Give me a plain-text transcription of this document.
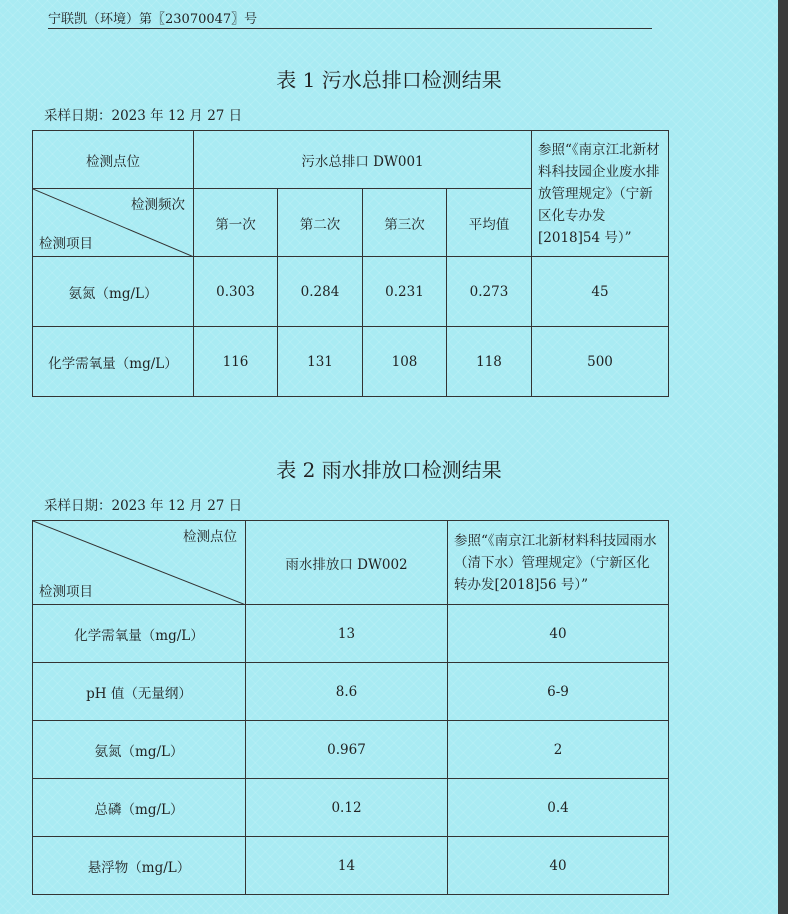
宁联凯（环境）第〖23070047〗号
表 1 污水总排口检测结果
采样日期：2023 年 12 月 27 日
检测点位	污水总排口 DW001				参照“《南京江北新材料科技园企业废水排放管理规定》（宁新区化专办发[2018]54 号）”

检测频次
检测项目	第一次	第二次	第三次	平均值	
氨氮（mg/L）	0.303	0.284	0.231	0.273	45
化学需氧量（mg/L）	116	131	108	118	500
表 2 雨水排放口检测结果
采样日期：2023 年 12 月 27 日
检测点位
检测项目	雨水排放口 DW002	参照“《南京江北新材料科技园雨水（清下水）管理规定》（宁新区化转办发[2018]56 号）”
化学需氧量（mg/L）	13	40
pH 值（无量纲）	8.6	6-9
氨氮（mg/L）	0.967	2
总磷（mg/L）	0.12	0.4
悬浮物（mg/L）	14	40
